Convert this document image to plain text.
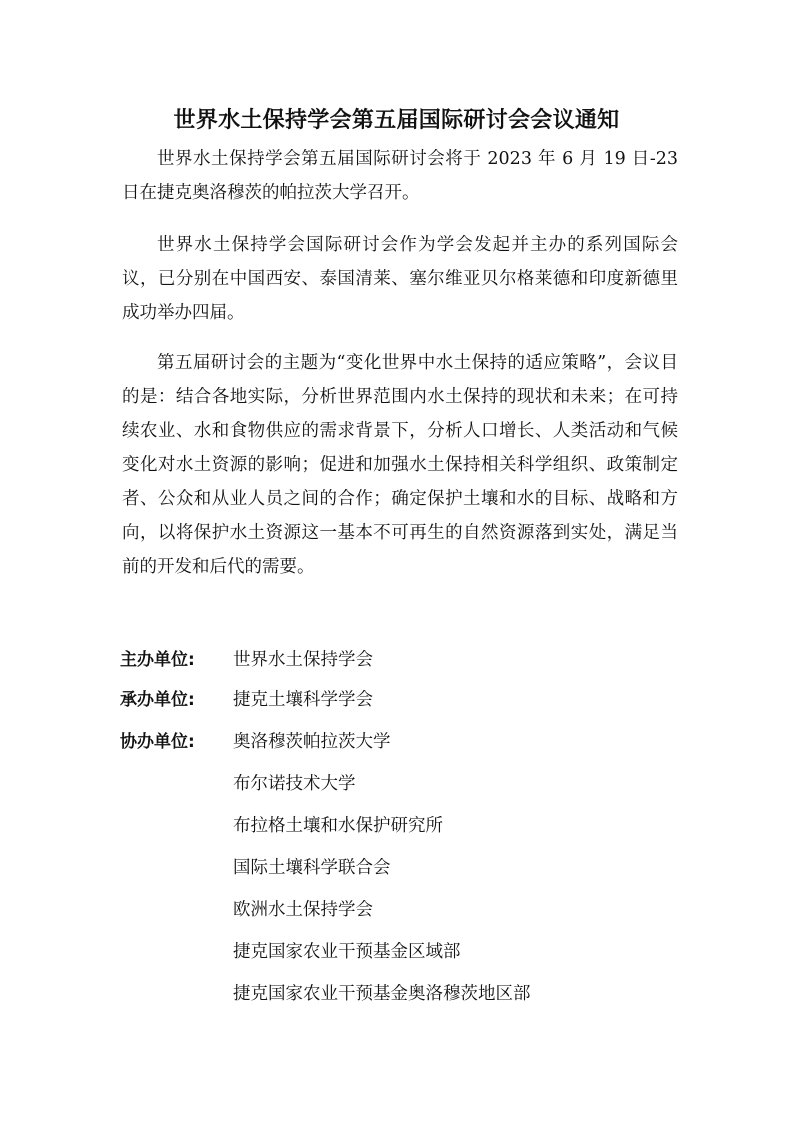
世界水土保持学会第五届国际研讨会会议通知

世界水土保持学会第五届国际研讨会将于 2023 年 6 月 19 日-23 日在捷克奥洛穆茨的帕拉茨大学召开。

世界水土保持学会国际研讨会作为学会发起并主办的系列国际会议，已分别在中国西安、泰国清莱、塞尔维亚贝尔格莱德和印度新德里成功举办四届。

第五届研讨会的主题为“变化世界中水土保持的适应策略”，会议目的是：结合各地实际，分析世界范围内水土保持的现状和未来；在可持续农业、水和食物供应的需求背景下，分析人口增长、人类活动和气候变化对水土资源的影响；促进和加强水土保持相关科学组织、政策制定者、公众和从业人员之间的合作；确定保护土壤和水的目标、战略和方向，以将保护水土资源这一基本不可再生的自然资源落到实处，满足当前的开发和后代的需要。

主办单位:	世界水土保持学会
承办单位:	捷克土壤科学学会
协办单位:	奥洛穆茨帕拉茨大学
布尔诺技术大学
布拉格土壤和水保护研究所
国际土壤科学联合会
欧洲水土保持学会
捷克国家农业干预基金区域部
捷克国家农业干预基金奥洛穆茨地区部
